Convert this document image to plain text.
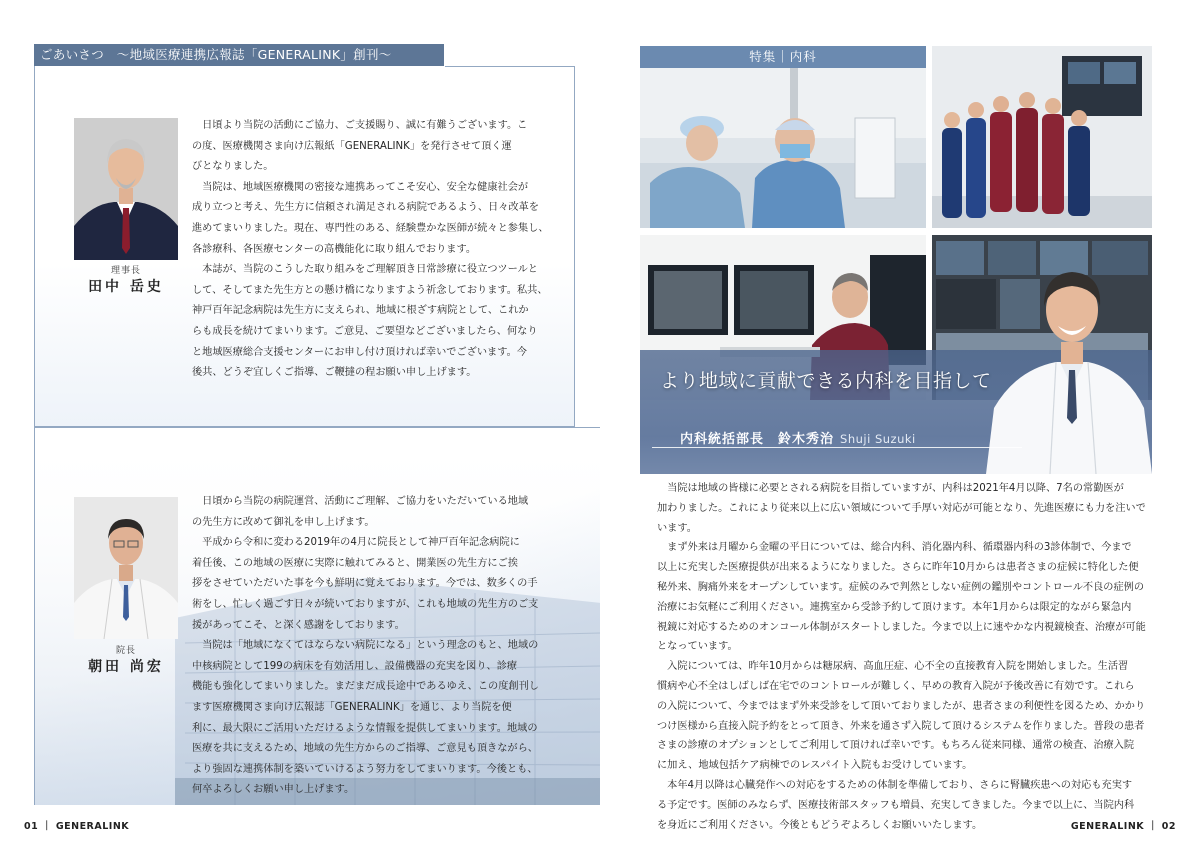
ごあいさつ　～地域医療連携広報誌「GENERALINK」創刊～
理事長
田中 岳史

　日頃より当院の活動にご協力、ご支援賜り、誠に有難うございます。こ

の度、医療機関さま向け広報紙「GENERALINK」を発行させて頂く運

びとなりました。

　当院は、地域医療機関の密接な連携あってこそ安心、安全な健康社会が

成り立つと考え、先生方に信頼され満足される病院であるよう、日々改革を

進めてまいりました。現在、専門性のある、経験豊かな医師が続々と参集し、

各診療科、各医療センターの高機能化に取り組んでおります。

　本誌が、当院のこうした取り組みをご理解頂き日常診療に役立つツールと

して、そしてまた先生方との懸け橋になりますよう祈念しております。私共、

神戸百年記念病院は先生方に支えられ、地域に根ざす病院として、これか

らも成長を続けてまいります。ご意見、ご要望などございましたら、何なり

と地域医療総合支援センターにお申し付け頂ければ幸いでございます。今

後共、どうぞ宜しくご指導、ご鞭撻の程お願い申し上げます。

院長
朝田 尚宏

　日頃から当院の病院運営、活動にご理解、ご協力をいただいている地域

の先生方に改めて御礼を申し上げます。

　平成から令和に変わる2019年の4月に院長として神戸百年記念病院に

着任後、この地域の医療に実際に触れてみると、開業医の先生方にご挨

拶をさせていただいた事を今も鮮明に覚えております。今では、数多くの手

術をし、忙しく過ごす日々が続いておりますが、これも地域の先生方のご支

援があってこそ、と深く感謝をしております。

　当院は「地域になくてはならない病院になる」という理念のもと、地域の

中核病院として199の病床を有効活用し、設備機器の充実を図り、診療

機能も強化してまいりました。まだまだ成長途中であるゆえ、この度創刊し

ます医療機関さま向け広報誌「GENERALINK」を通じ、より当院を便

利に、最大限にご活用いただけるような情報を提供してまいります。地域の

医療を共に支えるため、地域の先生方からのご指導、ご意見も頂きながら、

より強固な連携体制を築いていけるよう努力をしてまいります。今後とも、

何卒よろしくお願い申し上げます。

01 ｜ GENERALINK
特集｜内科
より地域に貢献できる内科を目指して
内科統括部長 鈴木秀治 Shuji Suzuki

　当院は地域の皆様に必要とされる病院を目指していますが、内科は2021年4月以降、7名の常勤医が

加わりました。これにより従来以上に広い領域について手厚い対応が可能となり、先進医療にも力を注いで

います。

　まず外来は月曜から金曜の平日については、総合内科、消化器内科、循環器内科の3診体制で、今まで

以上に充実した医療提供が出来るようになりました。さらに昨年10月からは患者さまの症候に特化した便

秘外来、胸痛外来をオープンしています。症候のみで判然としない症例の鑑別やコントロール不良の症例の

治療にお気軽にご利用ください。連携室から受診予約して頂けます。本年1月からは限定的ながら緊急内

視鏡に対応するためのオンコール体制がスタートしました。今まで以上に速やかな内視鏡検査、治療が可能

となっています。

　入院については、昨年10月からは糖尿病、高血圧症、心不全の直接教育入院を開始しました。生活習

慣病や心不全はしばしば在宅でのコントロールが難しく、早めの教育入院が予後改善に有効です。これら

の入院について、今まではまず外来受診をして頂いておりましたが、患者さまの利便性を図るため、かかり

つけ医様から直接入院予約をとって頂き、外来を通さず入院して頂けるシステムを作りました。普段の患者

さまの診療のオプションとしてご利用して頂ければ幸いです。もちろん従来同様、通常の検査、治療入院

に加え、地域包括ケア病棟でのレスパイト入院もお受けしています。

　本年4月以降は心臓発作への対応をするための体制を準備しており、さらに腎臓疾患への対応も充実す

る予定です。医師のみならず、医療技術部スタッフも増員、充実してきました。今まで以上に、当院内科

を身近にご利用ください。今後ともどうぞよろしくお願いいたします。	GENERALINK ｜ 02
